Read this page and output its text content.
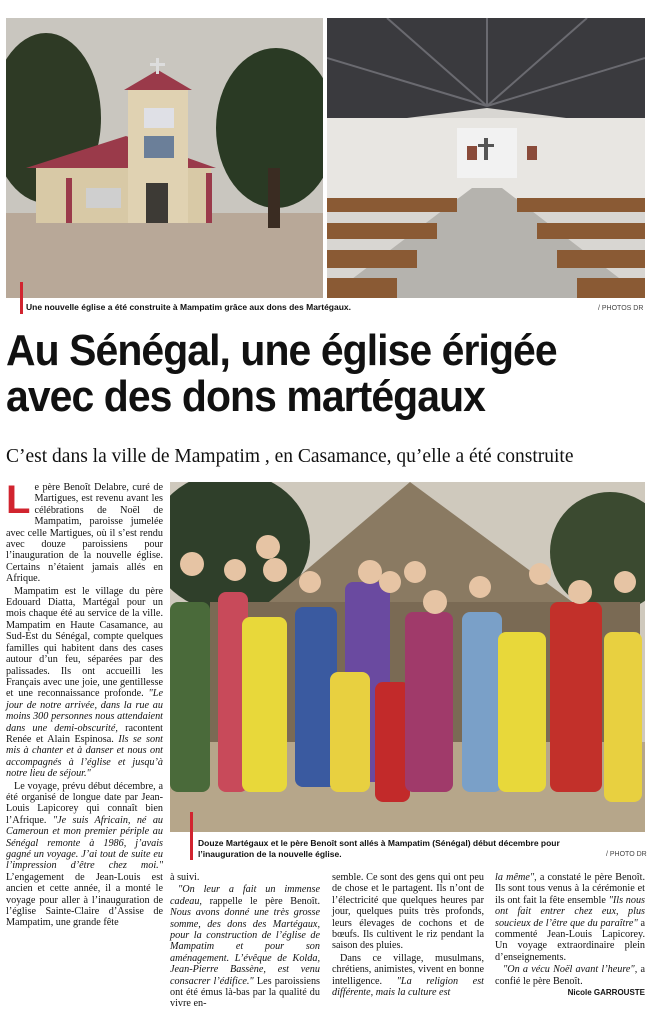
Une nouvelle église a été construite à Mampatim grâce aux dons des Martégaux.	/ PHOTOS DR
Au Sénégal, une église érigée
avec des dons martégaux
C’est dans la ville de Mampatim , en Casamance, qu’elle a été construite
Douze Martégaux et le père Benoît sont allés à Mampatim (Sénégal) début décembre pour
l’inauguration de la nouvelle église.	/ PHOTO DR
L e père Benoît Delabre, curé de Martigues, est revenu avant les célébrations de Noël de Mampatim, paroisse jumelée avec celle Martigues, où il s’est rendu avec douze paroissiens pour l’inauguration de la nouvelle église. Certains n’étaient jamais allés en Afrique.

Mampatim est le village du père Edouard Diatta, Martégal pour un mois chaque été au service de la ville. Mampatim en Haute Casamance, au Sud-Est du Sénégal, compte quelques familles qui habitent dans des cases autour d’un feu, séparées par des palissades. Ils ont accueilli les Français avec une joie, une gentillesse et une reconnaissance profonde. "Le jour de notre arrivée, dans la rue au moins 300 personnes nous attendaient dans une demi-obscurité, racontent Renée et Alain Espinosa. Ils se sont mis à chanter et à danser et nous ont accompagnés à l’église et jusqu’à notre lieu de séjour."

Le voyage, prévu début décembre, a été organisé de longue date par Jean-Louis Lapicorey qui connaît bien l’Afrique. "Je suis Africain, né au Cameroun et mon premier périple au Sénégal remonte à 1986, j’avais gagné un voyage. J’ai tout de suite eu l’impression d’être chez moi." L’engagement de Jean-Louis est ancien et cette année, il a monté le voyage pour aller à l’inauguration de l’église Sainte-Claire d’Assise de Mampatim, une grande fête

à suivi.

"On leur a fait un immense cadeau, rappelle le père Benoît. Nous avons donné une très grosse somme, des dons des Martégaux, pour la construction de l’église de Mampatim et pour son aménagement. L’évêque de Kolda, Jean-Pierre Bassène, est venu consacrer l’édifice." Les paroissiens ont été émus là-bas par la qualité du vivre en-

semble. Ce sont des gens qui ont peu de chose et le partagent. Ils n’ont de l’électricité que quelques heures par jour, quelques puits très profonds, leurs élevages de cochons et de bœufs. Ils cultivent le riz pendant la saison des pluies.

Dans ce village, musulmans, chrétiens, animistes, vivent en bonne intelligence. "La religion est différente, mais la culture est

la même", a constaté le père Benoît. Ils sont tous venus à la cérémonie et ils ont fait la fête ensemble "Ils nous ont fait entrer chez eux, plus soucieux de l’être que du paraître" a commenté Jean-Louis Lapicorey. Un voyage extraordinaire plein d’enseignements.

"On a vécu Noël avant l’heure", a confié le père Benoît.

Nicole GARROUSTE
